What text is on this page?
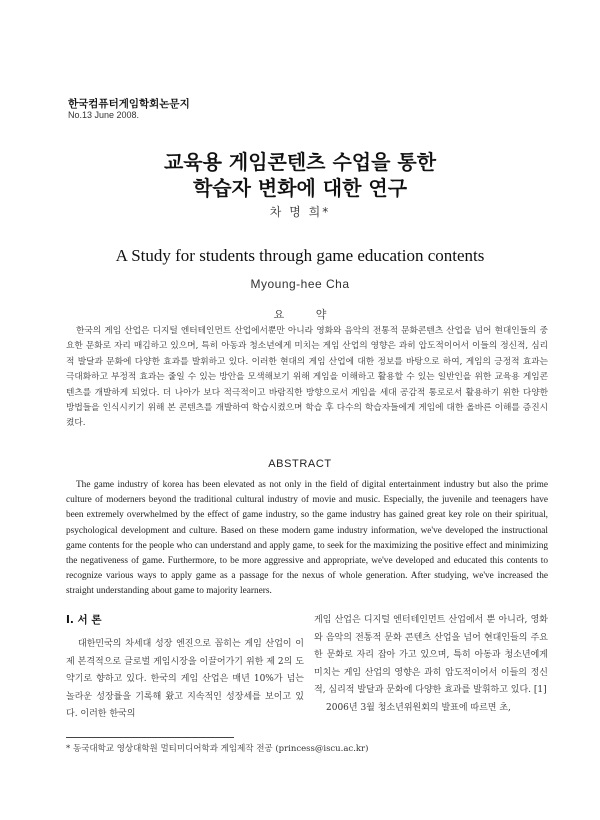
한국컴퓨터게임학회논문지
No.13 June 2008.
교육용 게임콘텐츠 수업을 통한
학습자 변화에 대한 연구
차 명 희*
A Study for students through game education contents
Myoung-hee Cha
요 약
한국의 게임 산업은 디지털 엔터테인먼트 산업에서뿐만 아니라 영화와 음악의 전통적 문화콘텐츠 산업을 넘어 현대인들의 중요한 문화로 자리 매김하고 있으며, 특히 아동과 청소년에게 미치는 게임 산업의 영향은 과히 압도적이어서 이들의 정신적, 심리적 발달과 문화에 다양한 효과를 발휘하고 있다. 이러한 현대의 게임 산업에 대한 정보를 바탕으로 하여, 게임의 긍정적 효과는 극대화하고 부정적 효과는 줄일 수 있는 방안을 모색해보기 위해 게임을 이해하고 활용할 수 있는 일반인을 위한 교육용 게임콘텐츠를 개발하게 되었다. 더 나아가 보다 적극적이고 바람직한 방향으로서 게임을 세대 공감적 통로로서 활용하기 위한 다양한 방법들을 인식시키기 위해 본 콘텐츠를 개발하여 학습시켰으며 학습 후 다수의 학습자들에게 게임에 대한 올바른 이해를 증진시켰다.
ABSTRACT
The game industry of korea has been elevated as not only in the field of digital entertainment industry but also the prime culture of moderners beyond the traditional cultural industry of movie and music. Especially, the juvenile and teenagers have been extremely overwhelmed by the effect of game industry, so the game industry has gained great key role on their spiritual, psychological development and culture. Based on these modern game industry information, we've developed the instructional game contents for the people who can understand and apply game, to seek for the maximizing the positive effect and minimizing the negativeness of game. Furthermore, to be more aggressive and appropriate, we've developed and educated this contents to recognize various ways to apply game as a passage for the nexus of whole generation. After studying, we've increased the straight understanding about game to majority learners.
Ⅰ. 서 론

대한민국의 차세대 성장 엔진으로 꼽히는 게임 산업이 이제 본격적으로 글로벌 게임시장을 이끌어가기 위한 제 2의 도약기로 향하고 있다. 한국의 게임 산업은 매년 10%가 넘는 놀라운 성장률을 기록해 왔고 지속적인 성장세를 보이고 있다. 이러한 한국의

게임 산업은 디지털 엔터테인먼트 산업에서 뿐 아니라, 영화와 음악의 전통적 문화 콘텐츠 산업을 넘어 현대인들의 주요한 문화로 자리 잡아 가고 있으며, 특히 아동과 청소년에게 미치는 게임 산업의 영향은 과히 압도적이어서 이들의 정신적, 심리적 발달과 문화에 다양한 효과를 발휘하고 있다. [1]

2006년 3월 청소년위원회의 발표에 따르면 초,

* 동국대학교 영상대학원 멀티미디어학과 게임제작 전공 (princess@iscu.ac.kr)
